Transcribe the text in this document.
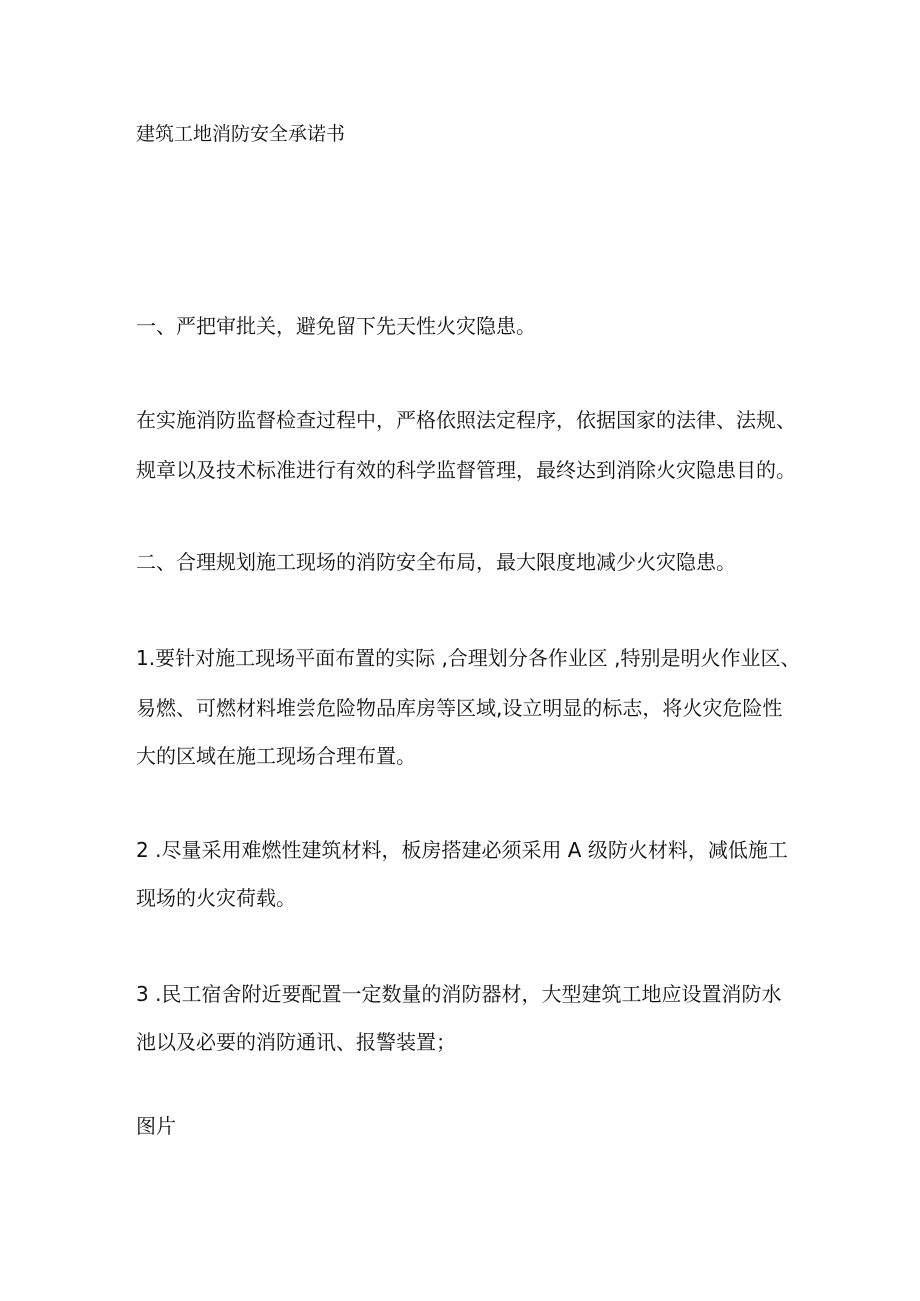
建筑工地消防安全承诺书

一、严把审批关，避免留下先天性火灾隐患。

在实施消防监督检查过程中，严格依照法定程序，依据国家的法律、法规、

规章以及技术标准进行有效的科学监督管理，最终达到消除火灾隐患目的。

二、合理规划施工现场的消防安全布局，最大限度地减少火灾隐患。

1.要针对施工现场平面布置的实际 ,合理划分各作业区 ,特别是明火作业区、

易燃、可燃材料堆尝危险物品库房等区域,设立明显的标志，将火灾危险性

大的区域在施工现场合理布置。

2 .尽量采用难燃性建筑材料，板房搭建必须采用 A 级防火材料，减低施工

现场的火灾荷载。

3 .民工宿舍附近要配置一定数量的消防器材，大型建筑工地应设置消防水

池以及必要的消防通讯、报警装置；

图片
